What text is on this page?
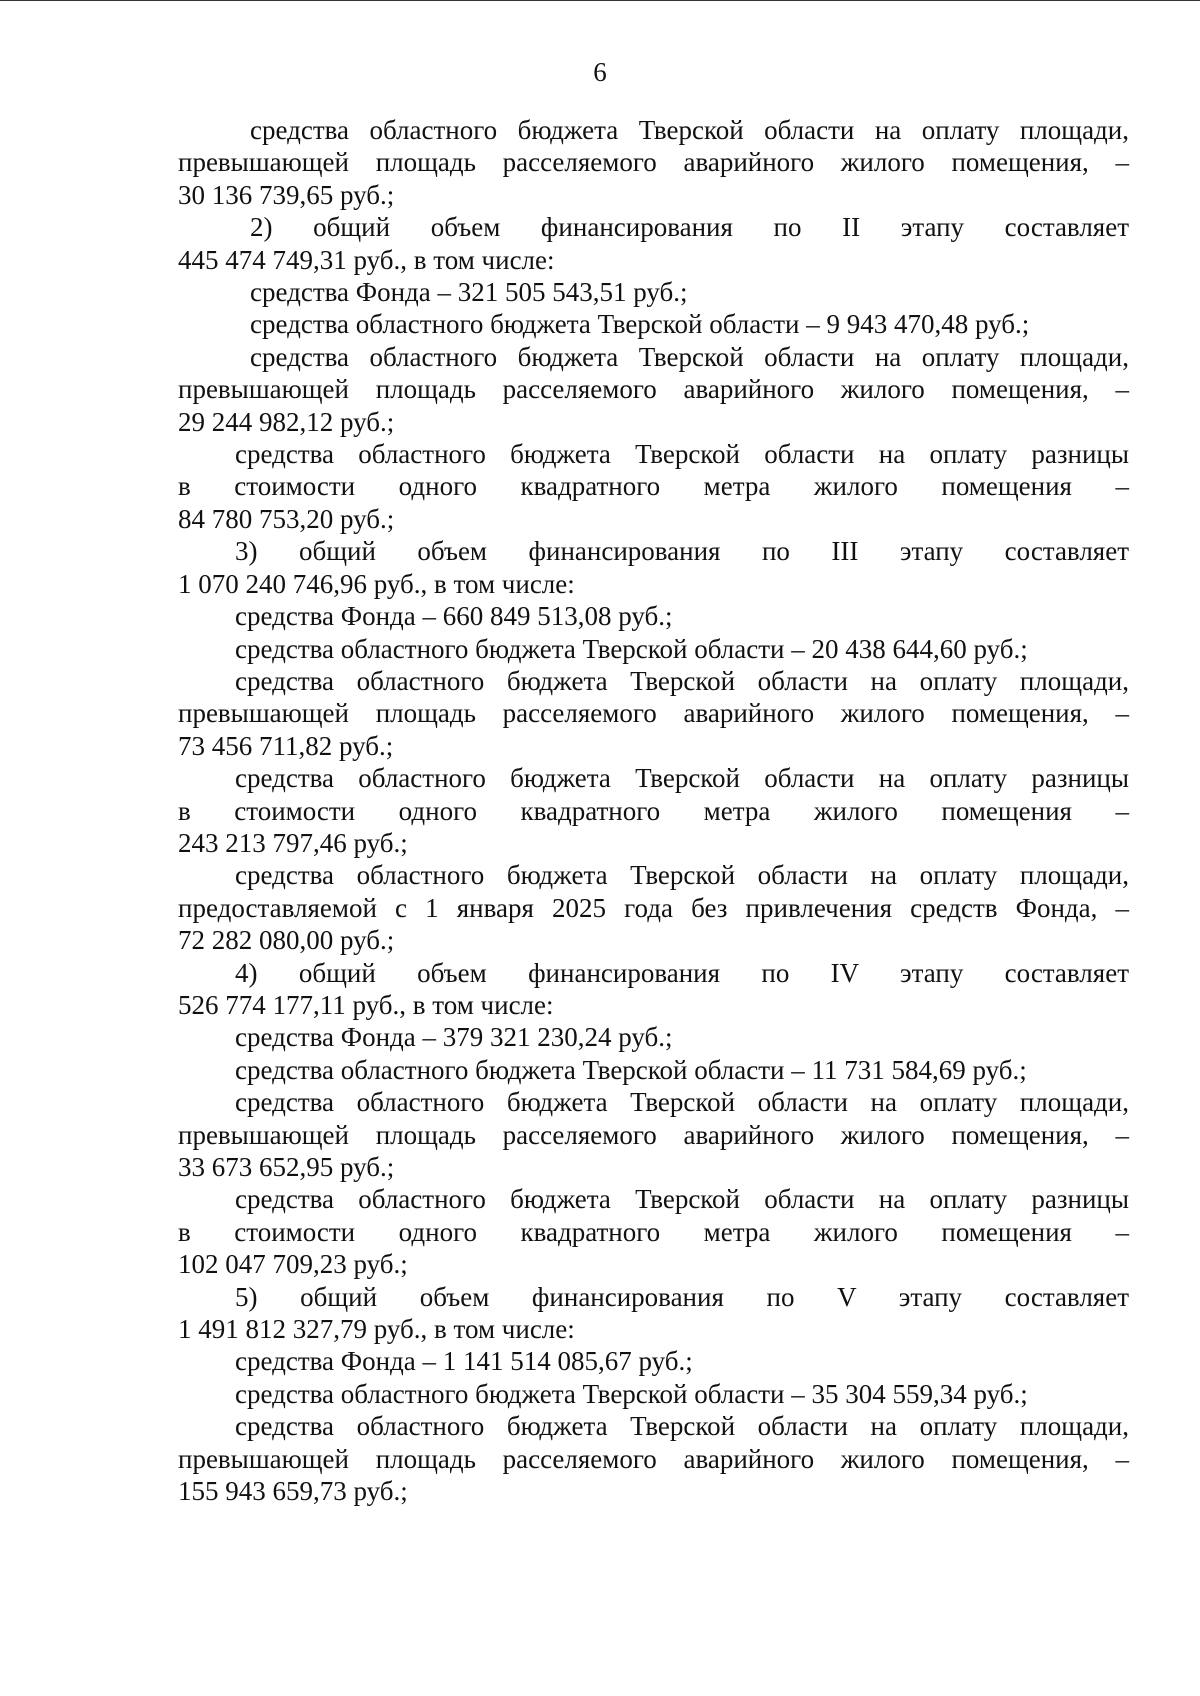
6
средства областного бюджета Тверской области на оплату площади,
превышающей площадь расселяемого аварийного жилого помещения, –
30 136 739,65 руб.;
2) общий объем финансирования по II этапу составляет
445 474 749,31 руб., в том числе:
средства Фонда – 321 505 543,51 руб.;
средства областного бюджета Тверской области – 9 943 470,48 руб.;
средства областного бюджета Тверской области на оплату площади,
превышающей площадь расселяемого аварийного жилого помещения, –
29 244 982,12 руб.;
средства областного бюджета Тверской области на оплату разницы
в стоимости одного квадратного метра жилого помещения –
84 780 753,20 руб.;
3) общий объем финансирования по III этапу составляет
1 070 240 746,96 руб., в том числе:
средства Фонда – 660 849 513,08 руб.;
средства областного бюджета Тверской области – 20 438 644,60 руб.;
средства областного бюджета Тверской области на оплату площади,
превышающей площадь расселяемого аварийного жилого помещения, –
73 456 711,82 руб.;
средства областного бюджета Тверской области на оплату разницы
в стоимости одного квадратного метра жилого помещения –
243 213 797,46 руб.;
средства областного бюджета Тверской области на оплату площади,
предоставляемой с 1 января 2025 года без привлечения средств Фонда, –
72 282 080,00 руб.;
4) общий объем финансирования по IV этапу составляет
526 774 177,11 руб., в том числе:
средства Фонда – 379 321 230,24 руб.;
средства областного бюджета Тверской области – 11 731 584,69 руб.;
средства областного бюджета Тверской области на оплату площади,
превышающей площадь расселяемого аварийного жилого помещения, –
33 673 652,95 руб.;
средства областного бюджета Тверской области на оплату разницы
в стоимости одного квадратного метра жилого помещения –
102 047 709,23 руб.;
5) общий объем финансирования по V этапу составляет
1 491 812 327,79 руб., в том числе:
средства Фонда – 1 141 514 085,67 руб.;
средства областного бюджета Тверской области – 35 304 559,34 руб.;
средства областного бюджета Тверской области на оплату площади,
превышающей площадь расселяемого аварийного жилого помещения, –
155 943 659,73 руб.;
